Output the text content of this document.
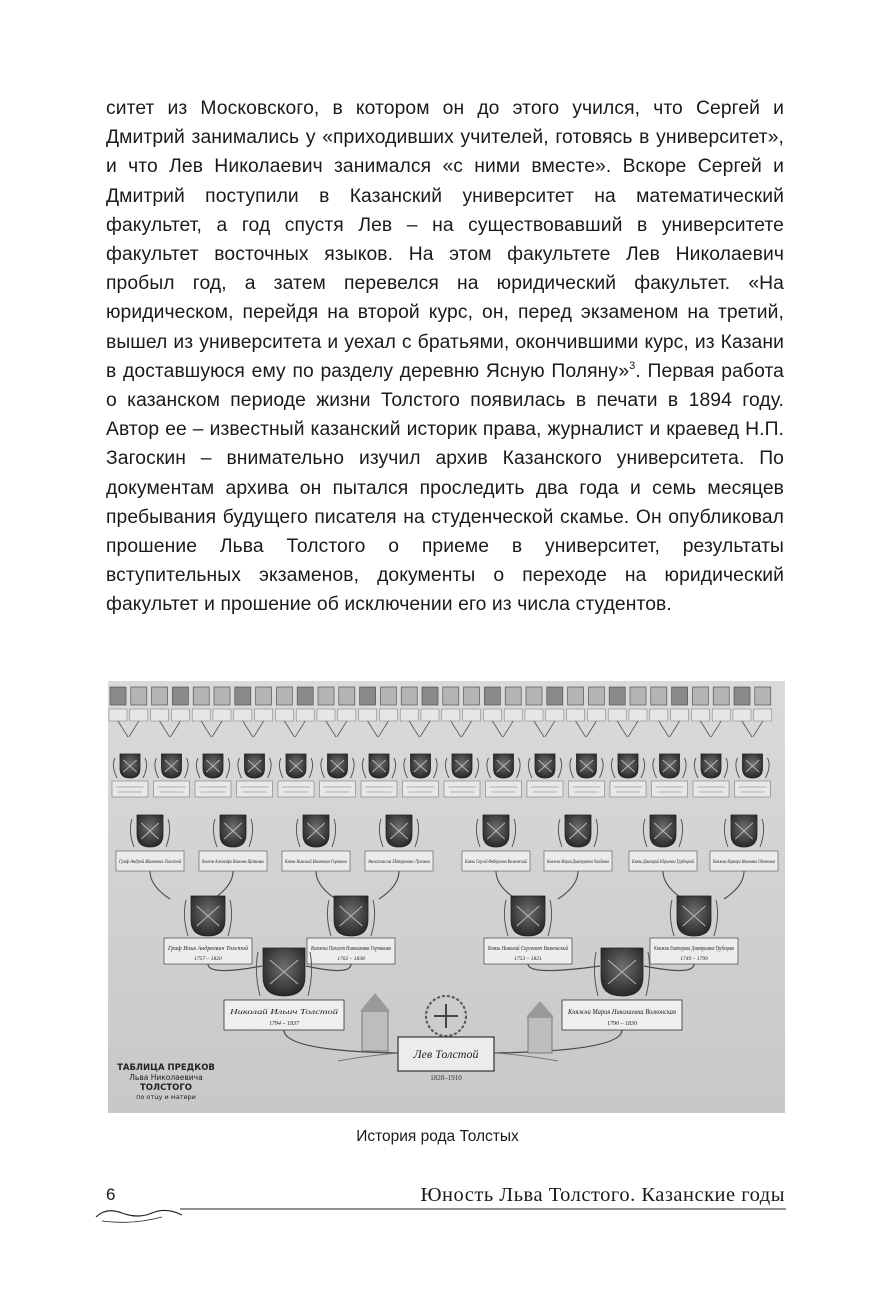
ситет из Московского, в котором он до этого учился, что Сергей и Дмитрий занимались у «приходивших учителей, готовясь в университет», и что Лев Николаевич занимался «с ними вместе». Вскоре Сергей и Дмитрий поступили в Казанский университет на математический факультет, а год спустя Лев – на существовавший в университете факультет восточных языков. На этом факультете Лев Николаевич пробыл год, а затем перевелся на юридический факультет. «На юридическом, перейдя на второй курс, он, перед экзаменом на третий, вышел из университета и уехал с братьями, окончившими курс, из Казани в доставшуюся ему по разделу деревню Ясную Поляну»$^3$. Первая работа о казанском периоде жизни Толстого появилась в печати в 1894 году. Автор ее – известный казанский историк права, журналист и краевед Н.П. Загоскин – внимательно изучил архив Казанского университета. По документам архива он пытался проследить два года и семь месяцев пребывания будущего писателя на студенческой скамье. Он опубликовал прошение Льва Толстого о приеме в университет, результаты вступительных экзаменов, документы о переходе на юридический факультет и прошение об исключении его из числа студентов.
Граф Андрей Иванович Толстой	Княжна Александра Ивановна Щетинина	Князь Николай Иванович Горчаков Анастасия Петровна Лукина	Князь Сергей Федорович Волконский Княжна Мария Дмитриевна Чаадаева	Князь Дмитрий Юрьевич Трубецкой Княжна Варвара Ивановна Одоевская
Граф Илья Андреевич Толстой
1757 – 1820
Княжна Пелагея Николаевна Горчакова
1762 – 1838
Князь Николай Сергеевич Волконский
1753 – 1821
Княжна Екатерина Дмитриевна Трубецкая
1749 – 1799
Николай Ильич Толстой
1794 – 1837
Княжна Мария Николаевна Волконская
1790 – 1830
Лев Толстой
1828–1910
ТАБЛИЦА ПРЕДКОВ
Льва Николаевича
ТОЛСТОГО
по отцу и матери
История рода Толстых
6	Юность Льва Толстого. Казанские годы
